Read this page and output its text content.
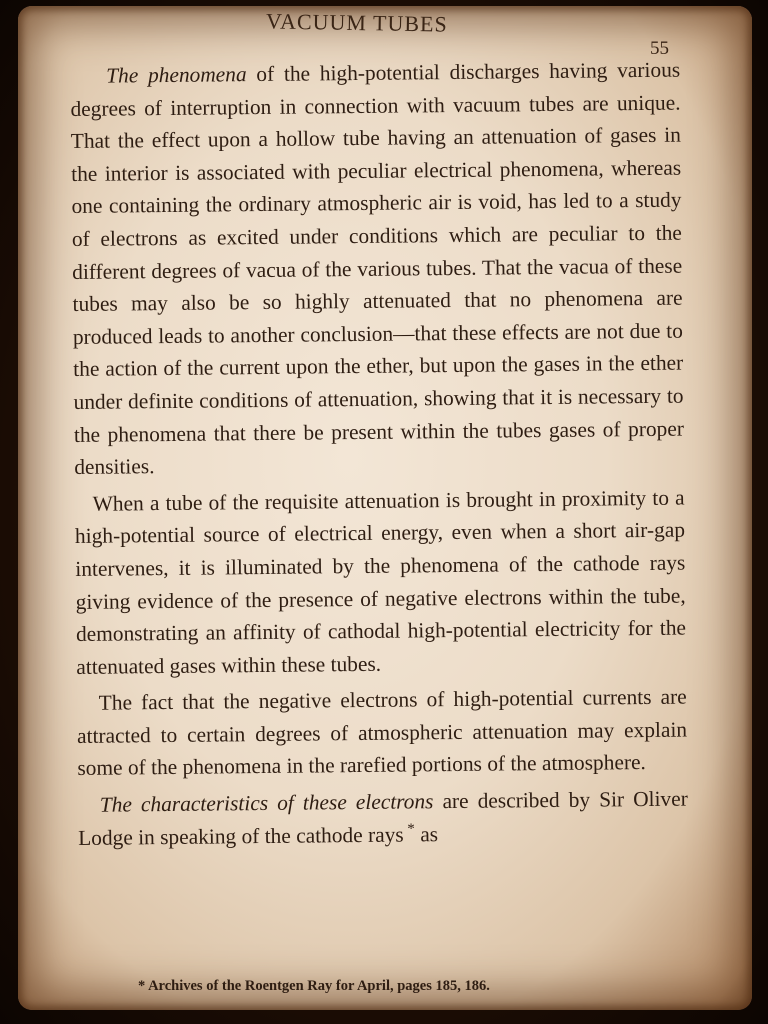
VACUUM TUBES
55

The phenomena of the high-potential discharges having various degrees of interruption in connection with vacuum tubes are unique. That the effect upon a hollow tube having an attenuation of gases in the interior is associated with peculiar electrical phenomena, whereas one containing the ordinary atmospheric air is void, has led to a study of electrons as excited under conditions which are peculiar to the different degrees of vacua of the various tubes. That the vacua of these tubes may also be so highly attenuated that no phenomena are produced leads to another conclusion—that these effects are not due to the action of the current upon the ether, but upon the gases in the ether under definite conditions of attenuation, showing that it is necessary to the phenomena that there be present within the tubes gases of proper densities.

When a tube of the requisite attenuation is brought in proximity to a high-potential source of electrical energy, even when a short air-gap intervenes, it is illuminated by the phenomena of the cathode rays giving evidence of the presence of negative electrons within the tube, demonstrating an affinity of cathodal high-potential electricity for the attenuated gases within these tubes.

The fact that the negative electrons of high-potential currents are attracted to certain degrees of atmospheric attenuation may explain some of the phenomena in the rarefied portions of the atmosphere.

The characteristics of these electrons are described by Sir Oliver Lodge in speaking of the cathode rays * as

* Archives of the Roentgen Ray for April, pages 185, 186.
